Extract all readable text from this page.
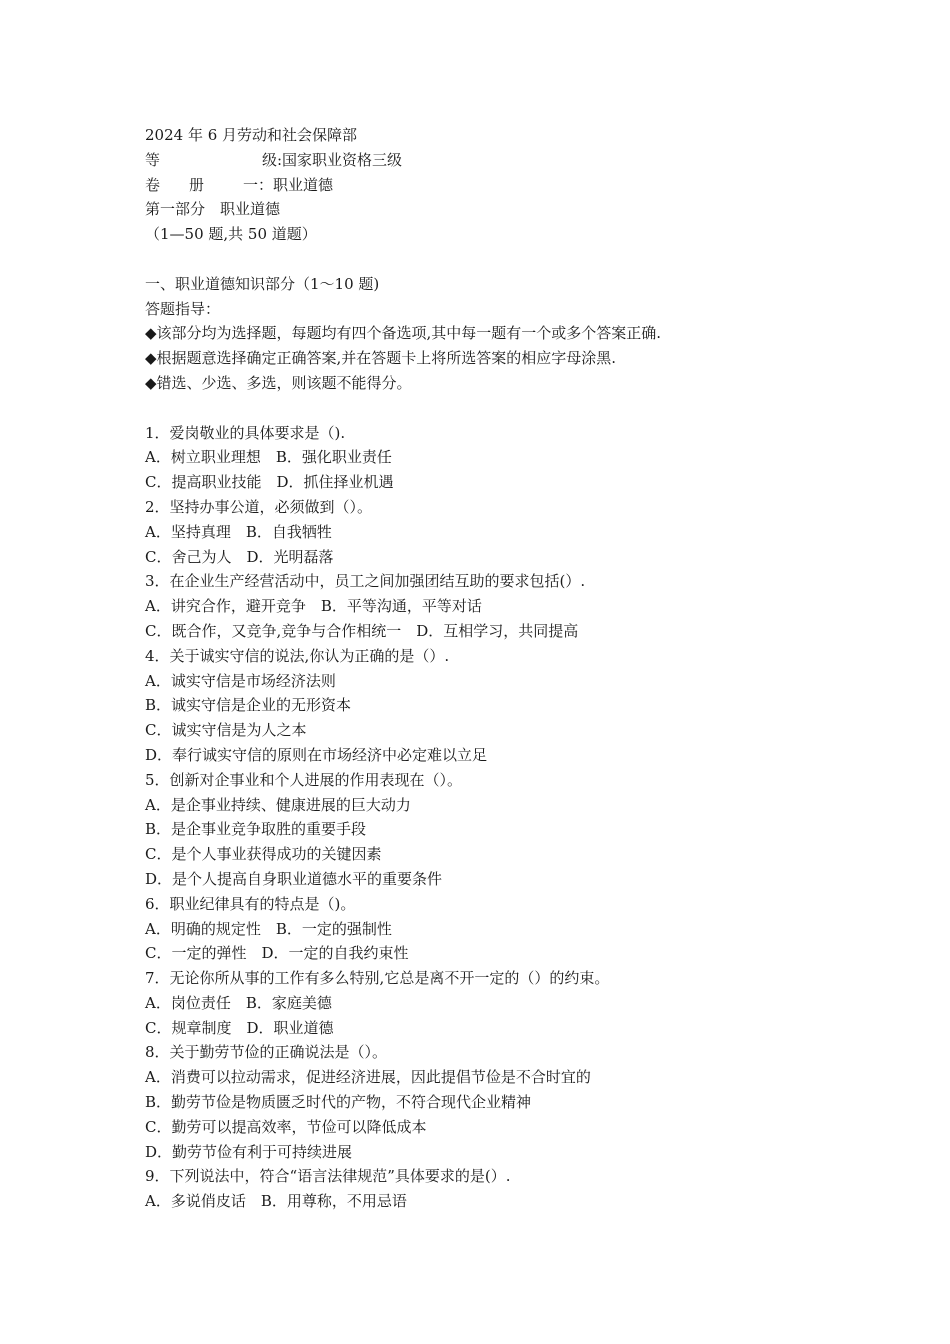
2024 年 6 月劳动和社会保障部
等	级:国家职业资格三级
卷 册	一：职业道德
第一部分　职业道德
（1—50 题,共 50 道题）
一、职业道德知识部分（1～10 题)
答题指导：
◆该部分均为选择题，每题均有四个备选项,其中每一题有一个或多个答案正确.
◆根据题意选择确定正确答案,并在答题卡上将所选答案的相应字母涂黑.
◆错选、少选、多选，则该题不能得分。
1．爱岗敬业的具体要求是（).
A．树立职业理想　B．强化职业责任
C．提高职业技能　D．抓住择业机遇
2．坚持办事公道，必须做到（）。
A．坚持真理　B．自我牺牲
C．舍己为人　D．光明磊落
3．在企业生产经营活动中，员工之间加强团结互助的要求包括(）.
A．讲究合作，避开竞争　B．平等沟通，平等对话
C．既合作，又竞争,竞争与合作相统一　D．互相学习，共同提高
4．关于诚实守信的说法,你认为正确的是（）.
A．诚实守信是市场经济法则
B．诚实守信是企业的无形资本
C．诚实守信是为人之本
D．奉行诚实守信的原则在市场经济中必定难以立足
5．创新对企事业和个人进展的作用表现在（）。
A．是企事业持续、健康进展的巨大动力
B．是企事业竞争取胜的重要手段
C．是个人事业获得成功的关键因素
D．是个人提高自身职业道德水平的重要条件
6．职业纪律具有的特点是（)。
A．明确的规定性　B．一定的强制性
C．一定的弹性　D．一定的自我约束性
7．无论你所从事的工作有多么特别,它总是离不开一定的（）的约束。
A．岗位责任　B．家庭美德
C．规章制度　D．职业道德
8．关于勤劳节俭的正确说法是（）。
A．消费可以拉动需求，促进经济进展，因此提倡节俭是不合时宜的
B．勤劳节俭是物质匮乏时代的产物，不符合现代企业精神
C．勤劳可以提高效率，节俭可以降低成本
D．勤劳节俭有利于可持续进展
9．下列说法中，符合“语言法律规范”具体要求的是(）.
A．多说俏皮话　B．用尊称，不用忌语
